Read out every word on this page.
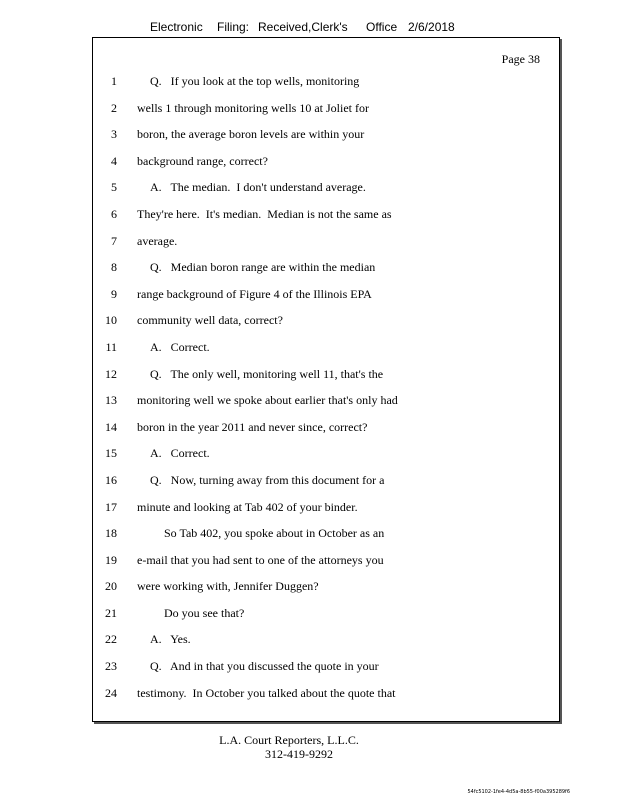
Electronic Filing: Received,Clerk's Office 2/6/2018
Page 38
1	Q.   If you look at the top wells, monitoring
2 wells 1 through monitoring wells 10 at Joliet for
3 boron, the average boron levels are within your
4 background range, correct?
5	A.   The median.  I don't understand average.
6 They're here.  It's median.  Median is not the same as
7 average.
8	Q.   Median boron range are within the median
9 range background of Figure 4 of the Illinois EPA
10 community well data, correct?
11	A.   Correct.
12	Q.   The only well, monitoring well 11, that's the
13 monitoring well we spoke about earlier that's only had
14 boron in the year 2011 and never since, correct?
15	A.   Correct.
16	Q.   Now, turning away from this document for a
17 minute and looking at Tab 402 of your binder.
18	So Tab 402, you spoke about in October as an
19 e-mail that you had sent to one of the attorneys you
20 were working with, Jennifer Duggen?
21	Do you see that?
22	A.   Yes.
23	Q.   And in that you discussed the quote in your
24 testimony.  In October you talked about the quote that
L.A. Court Reporters, L.L.C.
312-419-9292
54fc5102-1fe4-4d5a-8b55-f00a395289f6
